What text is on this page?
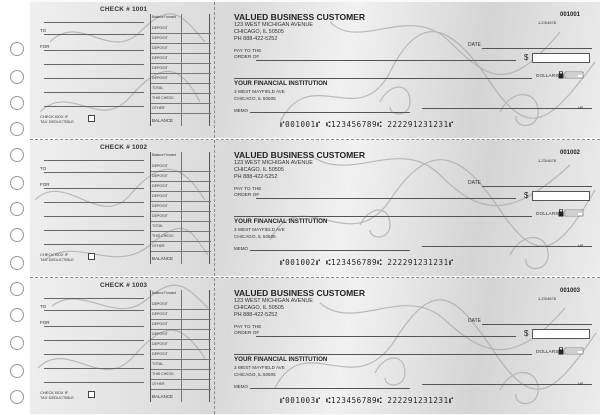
CHECK # 1001
TO
FOR
Balance Forward
DEPOSIT
DEPOSIT
DEPOSIT
DEPOSIT
DEPOSIT
DEPOSIT
TOTAL
THIS CHECK
OTHER
CHECK BOX IF
TAX DEDUCTIBLE	BALANCE
VALUED BUSINESS CUSTOMER
123 WEST MICHIGAN AVENUE
CHICAGO, IL 50505
PH 888-422-5252
1-23/4678
001001
DATE
PAY TO THE
ORDER OF	$
DOLLARS
YOUR FINANCIAL INSTITUTION
3 WEST MAYFIELD AVE
CHICAGO, IL 50505
MEMO	MP
⑈001001⑈ ⑆123456789⑆ 222291231231⑈
CHECK # 1002
TO
FOR
Balance Forward
DEPOSIT
DEPOSIT
DEPOSIT
DEPOSIT
DEPOSIT
DEPOSIT
TOTAL
THIS CHECK
OTHER
CHECK BOX IF
TAX DEDUCTIBLE	BALANCE
VALUED BUSINESS CUSTOMER
123 WEST MICHIGAN AVENUE
CHICAGO, IL 50505
PH 888-422-5252
1-23/4678
001002
DATE
PAY TO THE
ORDER OF	$
DOLLARS
YOUR FINANCIAL INSTITUTION
3 WEST MAYFIELD AVE
CHICAGO, IL 50505
MEMO	MP
⑈001002⑈ ⑆123456789⑆ 222291231231⑈
CHECK # 1003
TO
FOR
Balance Forward
DEPOSIT
DEPOSIT
DEPOSIT
DEPOSIT
DEPOSIT
DEPOSIT
TOTAL
THIS CHECK
OTHER
CHECK BOX IF
TAX DEDUCTIBLE	BALANCE
VALUED BUSINESS CUSTOMER
123 WEST MICHIGAN AVENUE
CHICAGO, IL 50505
PH 888-422-5252
1-23/4678
001003
DATE
PAY TO THE
ORDER OF	$
DOLLARS
YOUR FINANCIAL INSTITUTION
3 WEST MAYFIELD AVE
CHICAGO, IL 50505
MEMO	MP
⑈001003⑈ ⑆123456789⑆ 222291231231⑈
